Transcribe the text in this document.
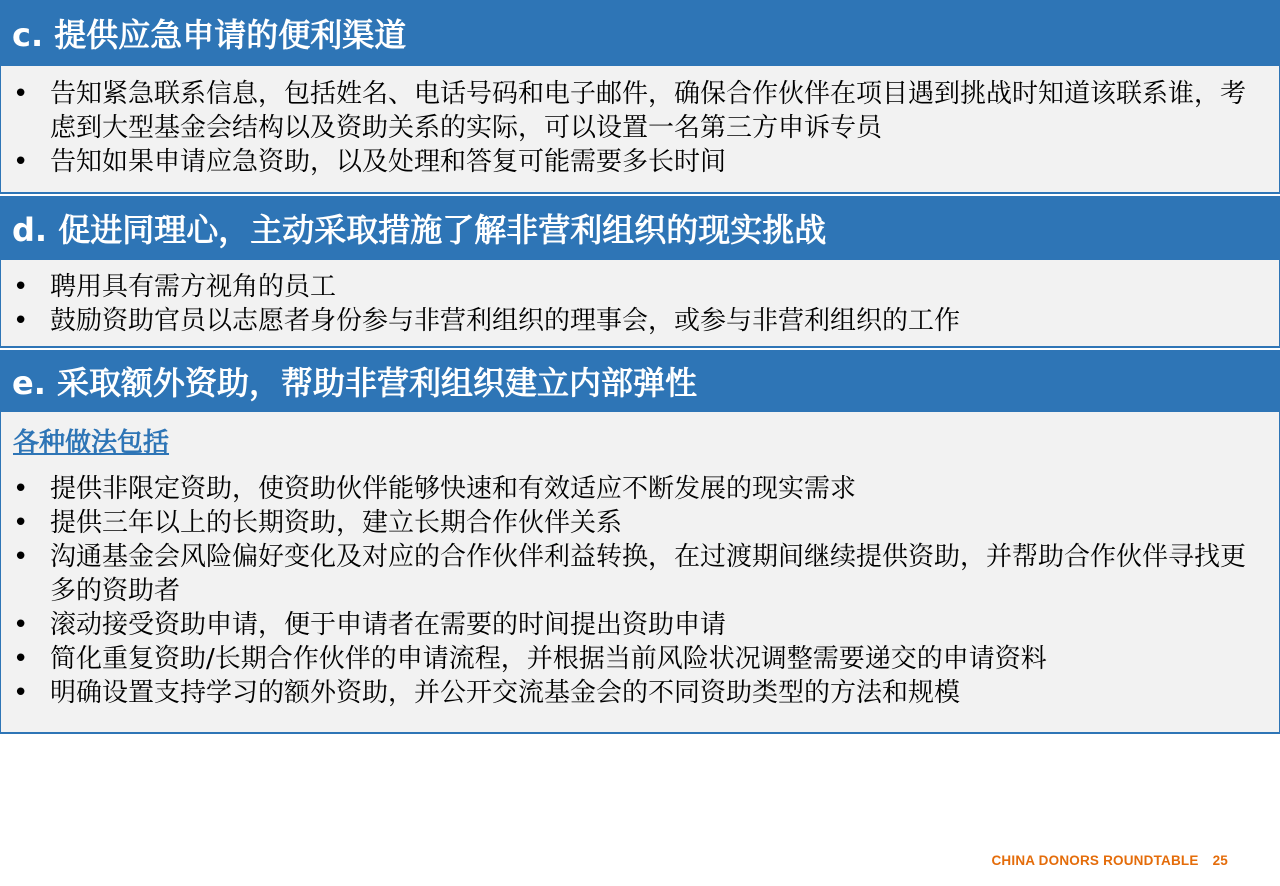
c. 提供应急申请的便利渠道
• 告知紧急联系信息，包括姓名、电话号码和电子邮件，确保合作伙伴在项目遇到挑战时知道该联系谁，考虑到大型基金会结构以及资助关系的实际，可以设置一名第三方申诉专员
• 告知如果申请应急资助，以及处理和答复可能需要多长时间
d. 促进同理心，主动采取措施了解非营利组织的现实挑战
• 聘用具有需方视角的员工
• 鼓励资助官员以志愿者身份参与非营利组织的理事会，或参与非营利组织的工作
e. 采取额外资助，帮助非营利组织建立内部弹性
各种做法包括
• 提供非限定资助，使资助伙伴能够快速和有效适应不断发展的现实需求
• 提供三年以上的长期资助，建立长期合作伙伴关系
• 沟通基金会风险偏好变化及对应的合作伙伴利益转换，在过渡期间继续提供资助，并帮助合作伙伴寻找更多的资助者
• 滚动接受资助申请，便于申请者在需要的时间提出资助申请
• 简化重复资助/长期合作伙伴的申请流程，并根据当前风险状况调整需要递交的申请资料
• 明确设置支持学习的额外资助，并公开交流基金会的不同资助类型的方法和规模
CHINA DONORS ROUNDTABLE 25
